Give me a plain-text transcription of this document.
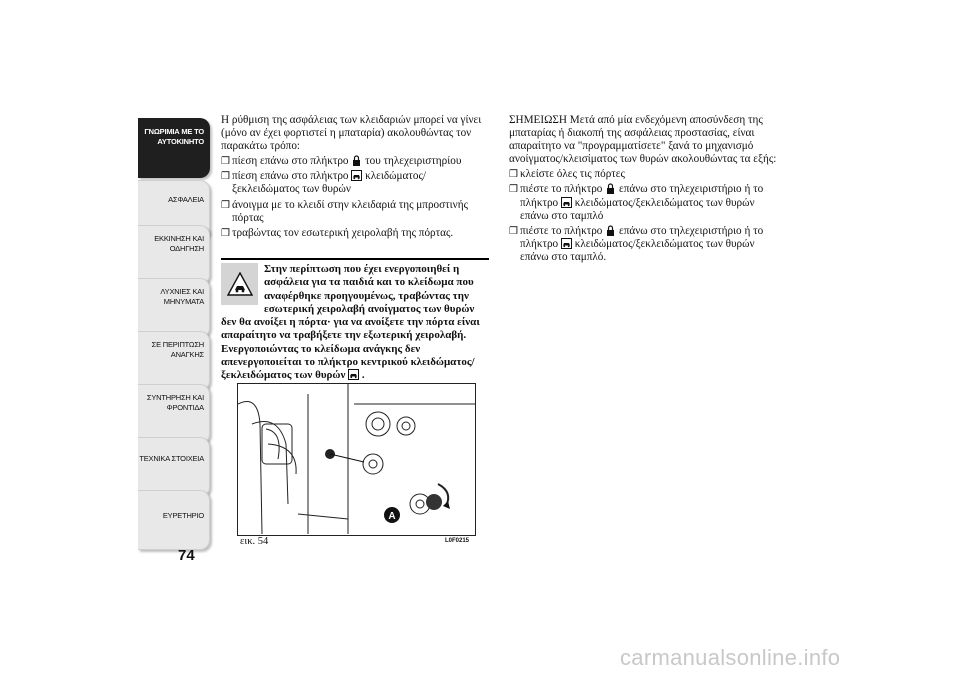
ΓΝΩΡΙΜΙΑ ΜΕ ΤΟ
ΑΥΤΟΚΙΝΗΤΟ
ΑΣΦΑΛΕΙΑ
ΕΚΚΙΝΗΣΗ ΚΑΙ
ΟΔΗΓΗΣΗ
ΛΥΧΝΙΕΣ ΚΑΙ
ΜΗΝΥΜΑΤΑ
ΣΕ ΠΕΡΙΠΤΩΣΗ
ΑΝΑΓΚΗΣ
ΣΥΝΤΗΡΗΣΗ ΚΑΙ
ΦΡΟΝΤΙΔΑ
ΤΕΧΝΙΚΑ ΣΤΟΙΧΕΙΑ
ΕΥΡΕΤΗΡΙΟ
74

Η ρύθμιση της ασφάλειας των κλειδαριών μπορεί να γίνει (μόνο αν έχει φορτιστεί η μπαταρία) ακολουθώντας τον παρακάτω τρόπο:

❒ πίεση επάνω στο πλήκτρο του τηλεχειριστηρίου

❒ πίεση επάνω στο πλήκτρο κλειδώματος/ ξεκλειδώματος των θυρών

❒ άνοιγμα με το κλειδί στην κλειδαριά της μπροστινής πόρτας

❒ τραβώντας τον εσωτερική χειρολαβή της πόρτας.

Στην περίπτωση που έχει ενεργοποιηθεί η ασφάλεια για τα παιδιά και το κλείδωμα που αναφέρθηκε προηγουμένως, τραβώντας την εσωτερική χειρολαβή ανοίγματος των θυρών δεν θα ανοίξει η πόρτα· για να ανοίξετε την πόρτα είναι απαραίτητο να τραβήξετε την εξωτερική χειρολαβή. Ενεργοποιώντας το κλείδωμα ανάγκης δεν απενεργοποιείται το πλήκτρο κεντρικού κλειδώματος/ξεκλειδώματος των θυρών .
A
εικ. 54	L0F0215

ΣΗΜΕΙΩΣΗ Μετά από μία ενδεχόμενη αποσύνδεση της μπαταρίας ή διακοπή της ασφάλειας προστασίας, είναι απαραίτητο να "προγραμματίσετε" ξανά το μηχανισμό ανοίγματος/κλεισίματος των θυρών ακολουθώντας τα εξής:

❒ κλείστε όλες τις πόρτες

❒ πιέστε το πλήκτρο επάνω στο τηλεχειριστήριο ή το πλήκτρο κλειδώματος/ξεκλειδώματος των θυρών επάνω στο ταμπλό

❒ πιέστε το πλήκτρο επάνω στο τηλεχειριστήριο ή το πλήκτρο κλειδώματος/ξεκλειδώματος των θυρών επάνω στο ταμπλό.

carmanualsonline.info
